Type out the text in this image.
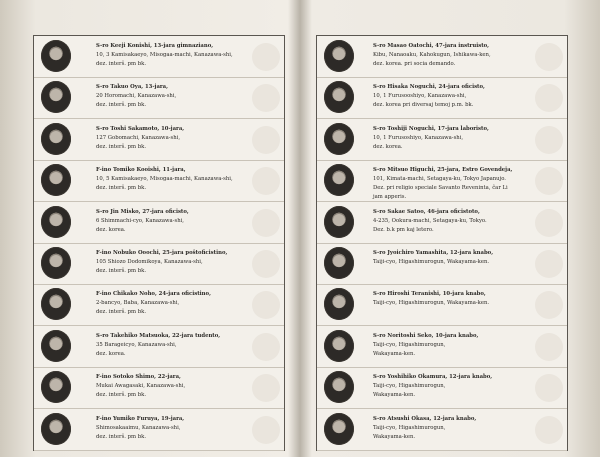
S-ro Keeji Konishi, 13-jara gimnaziano,
10, 3 Kamisakaeyo, Misogaa-machi, Kanazawa-shi,
dez. interŝ. pm bk.
S-ro Takuo Oya, 13-jara,
20 Horomachi, Kanazawa-shi,
dez. interŝ. pm bk.
S-ro Toshi Sakamoto, 10-jara,
127 Gobomachi, Kanazawa-shi,
dez. interŝ. pm bk.
F-ino Tomiko Kooishi, 11-jara,
10, 5 Kamisakaeyo, Misogaa-machi, Kanazawa-shi,
dez. interŝ. pm bk.
S-ro Jin Misko, 27-jara oficisto,
6 Shimmachi-cyo, Kanazawa-shi,
dez. korea.
F-ino Nobuko Ooochi, 25-jara poŝtoficistino,
105 Shiozo Dodomikoya, Kanazawa-shi,
dez. interŝ. pm bk.
F-ino Chikako Noho, 24-jara oficistino,
2-bancyo, Baba, Kanazawa-shi,
dez. interŝ. pm bk.
S-ro Takehiko Matsuoka, 22-jara tudento,
35 Barageicyo, Kanazawa-shi,
dez. korea.
F-ino Sotoko Shimo, 22-jara,
Mukai Awagasaki, Kanazawa-shi,
dez. interŝ. pm bk.
F-ino Yumiko Furuya, 19-jara,
Shimosakaaimu, Kanazawa-shi,
dez. interŝ. pm bk.
S-ro Masao Oatochi, 47-jara instruisto,
Kibu, Nanaoaku, Kahokugun, Ishikawa-ken,
dez. korea. pri socia demando.
S-ro Hisaka Noguchi, 24-jara oficisto,
10, 1 Furusooshiyo, Kanazawa-shi,
dez. korea pri diversaj temoj p.m. bk.
S-ro Toshiji Noguchi, 17-jara laboristo,
10, 1 Furusoshiyo, Kanazawa-shi,
dez. korea.
S-ro Mitsuo Higuchi, 25-jara, Estro Govendeja,
101, Kimata-machi, Setagaya-ku, Tokyo Japanujo.
Dez. pri religio speciale Savanto Reveninta, ĉar Li
jam apperis.
S-ro Sakae Satoo, 46-jara oficistoto,
4-235, Ookura-machi, Setagaya-ku, Tokyo.
Dez. b.k pm kaj letero.
S-ro Jyoichiro Yamashita, 12-jara knabo,
Taiji-cyo, Higashimurogun, Wakayama-ken.
S-ro Hiroshi Teranishi, 10-jara knabo,
Taiji-cyo, Higashimurogun, Wakayama-ken.
S-ro Noritoshi Seko, 10-jara knabo,
Taiji-cyo, Higashimurogun,
Wakayama-ken.
S-ro Yoshihiko Okamura, 12-jara knabo,
Taiji-cyo, Higashimurogun,
Wakayama-ken.
S-ro Atsushi Okasa, 12-jara knabo,
Taiji-cyo, Higashimurogun,
Wakayama-ken.
